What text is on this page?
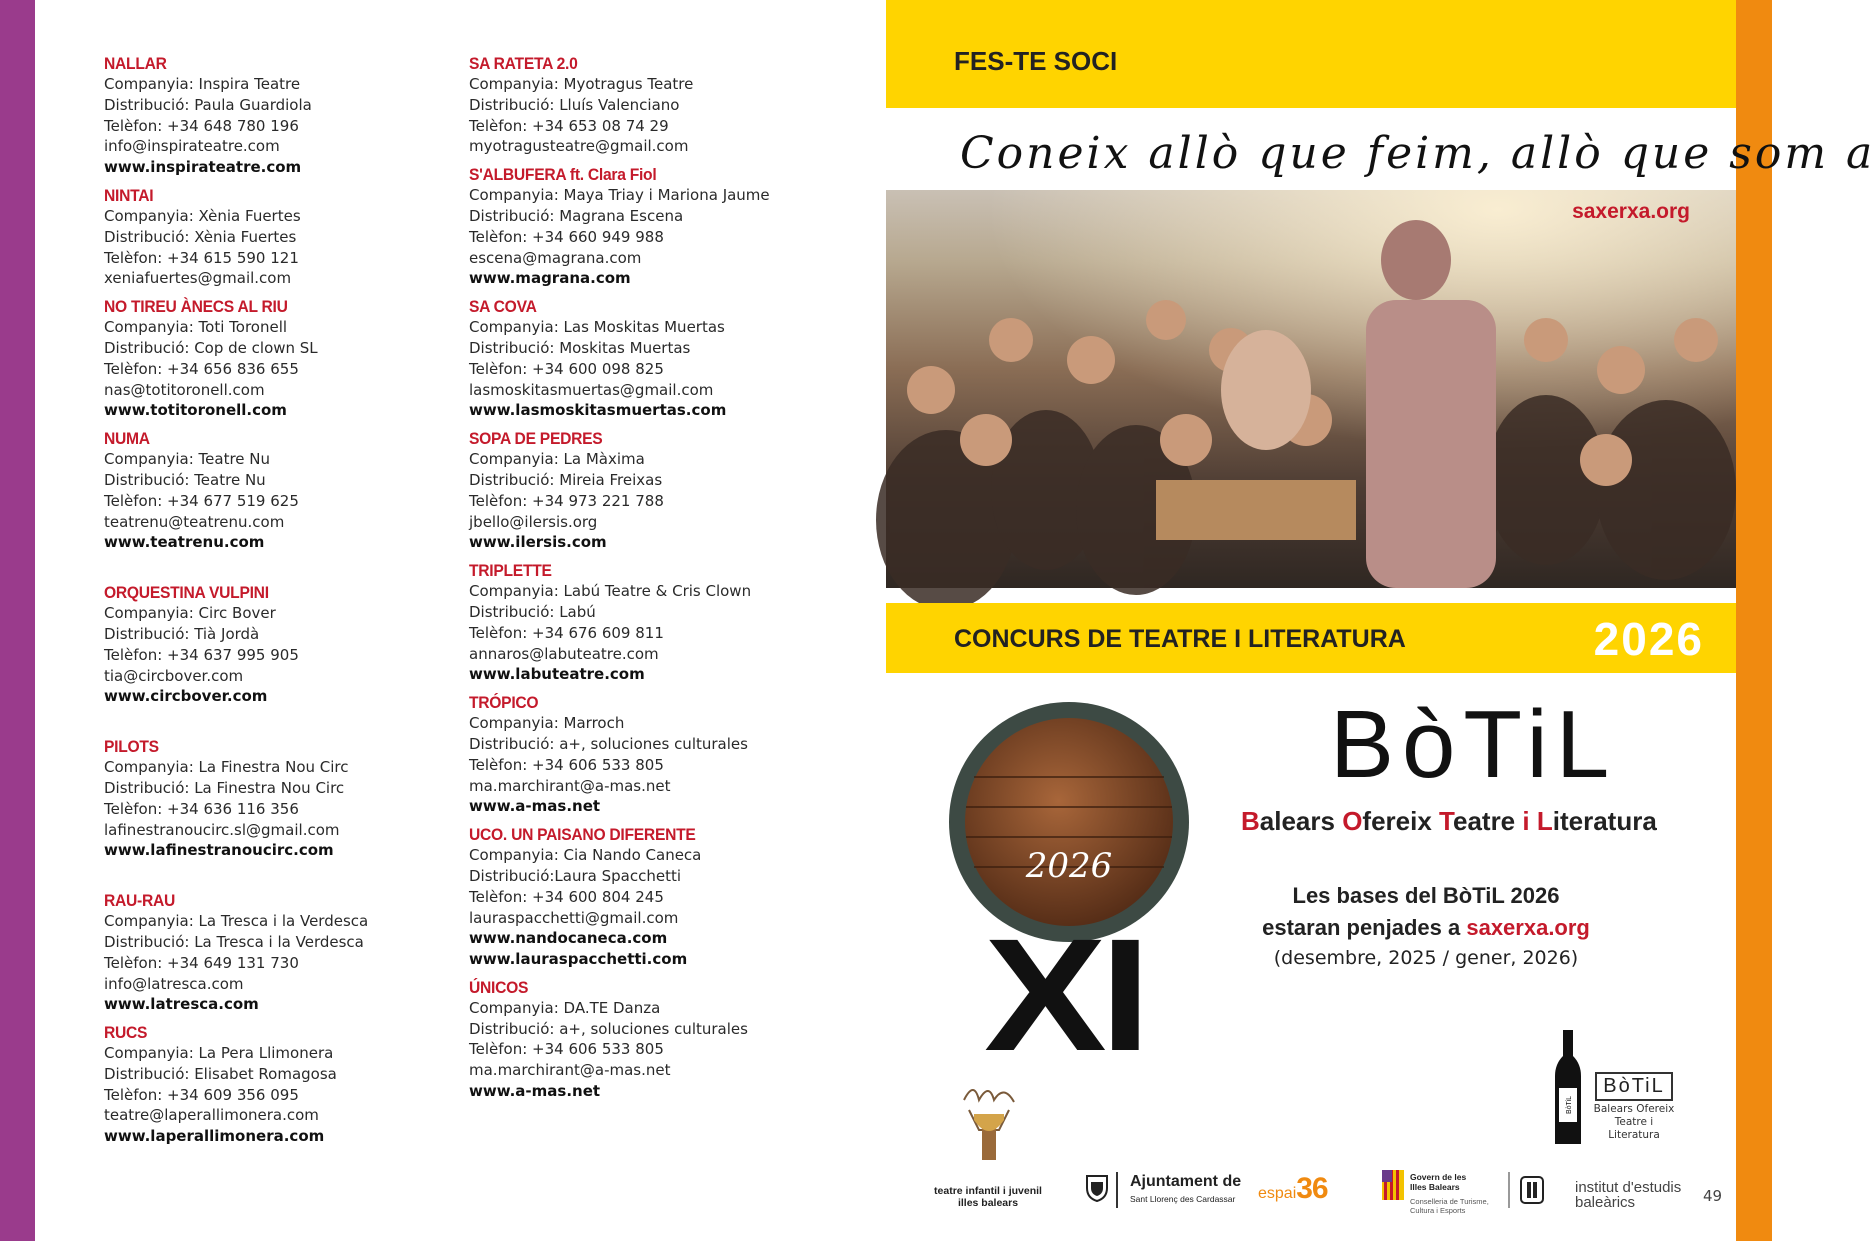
NALLAR
Companyia: Inspira Teatre
Distribució: Paula Guardiola
Telèfon: +34 648 780 196
info@inspirateatre.com
www.inspirateatre.com
NINTAI
Companyia: Xènia Fuertes
Distribució: Xènia Fuertes
Telèfon: +34 615 590 121
xeniafuertes@gmail.com
NO TIREU ÀNECS AL RIU
Companyia: Toti Toronell
Distribució: Cop de clown SL
Telèfon: +34 656 836 655
nas@totitoronell.com
www.totitoronell.com
NUMA
Companyia: Teatre Nu
Distribució: Teatre Nu
Telèfon: +34 677 519 625
teatrenu@teatrenu.com
www.teatrenu.com
ORQUESTINA VULPINI
Companyia: Circ Bover
Distribució: Tià Jordà
Telèfon: +34 637 995 905
tia@circbover.com
www.circbover.com
PILOTS
Companyia: La Finestra Nou Circ
Distribució: La Finestra Nou Circ
Telèfon: +34 636 116 356
lafinestranoucirc.sl@gmail.com
www.lafinestranoucirc.com
RAU-RAU
Companyia: La Tresca i la Verdesca
Distribució: La Tresca i la Verdesca
Telèfon: +34 649 131 730
info@latresca.com
www.latresca.com
RUCS
Companyia: La Pera Llimonera
Distribució: Elisabet Romagosa
Telèfon: +34 609 356 095
teatre@laperallimonera.com
www.laperallimonera.com
SA RATETA 2.0
Companyia: Myotragus Teatre
Distribució: Lluís Valenciano
Telèfon: +34 653 08 74 29
myotragusteatre@gmail.com
S'ALBUFERA ft. Clara Fiol
Companyia: Maya Triay i Mariona Jaume
Distribució: Magrana Escena
Telèfon: +34 660 949 988
escena@magrana.com
www.magrana.com
SA COVA
Companyia: Las Moskitas Muertas
Distribució: Moskitas Muertas
Telèfon: +34 600 098 825
lasmoskitasmuertas@gmail.com
www.lasmoskitasmuertas.com
SOPA DE PEDRES
Companyia: La Màxima
Distribució: Mireia Freixas
Telèfon: +34 973 221 788
jbello@ilersis.org
www.ilersis.com
TRIPLETTE
Companyia: Labú Teatre & Cris Clown
Distribució: Labú
Telèfon: +34 676 609 811
annaros@labuteatre.com
www.labuteatre.com
TRÓPICO
Companyia: Marroch
Distribució: a+, soluciones culturales
Telèfon: +34 606 533 805
ma.marchirant@a-mas.net
www.a-mas.net
UCO. UN PAISANO DIFERENTE
Companyia: Cia Nando Caneca
Distribució:Laura Spacchetti
Telèfon: +34 600 804 245
lauraspacchetti@gmail.com
www.nandocaneca.com
www.lauraspacchetti.com
ÚNICOS
Companyia: DA.TE Danza
Distribució: a+, soluciones culturales
Telèfon: +34 606 533 805
ma.marchirant@a-mas.net
www.a-mas.net
FES-TE SOCI
Coneix allò que feim, allò que som a
saxerxa.org
CONCURS DE TEATRE I LITERATURA	2026
2026
XI
BòTiL
Balears Ofereix Teatre i Literatura
Les bases del BòTiL 2026
estaran penjades a saxerxa.org
(desembre, 2025 / gener, 2026)
BòTiL
BòTiL
Balears Ofereix
Teatre i Literatura
teatre infantil i juvenil
illes balears
Ajuntament de
Sant Llorenç des Cardassar espai36	Govern de les
Illes Balears
Conselleria de Turisme,
Cultura i Esports
institut d'estudis
baleàrics	49
